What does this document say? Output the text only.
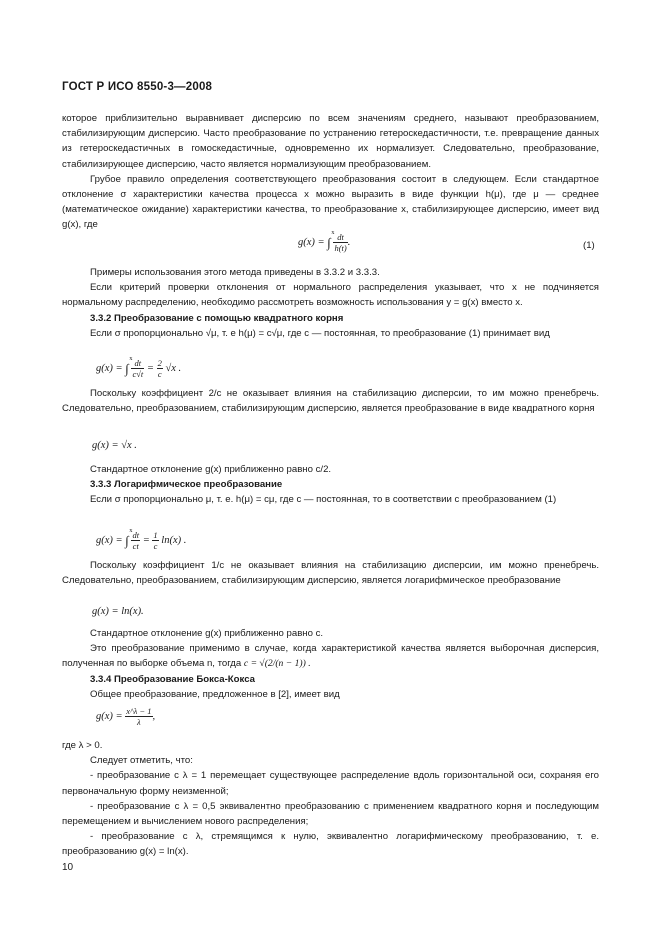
ГОСТ Р ИСО 8550-3—2008

которое приблизительно выравнивает дисперсию по всем значениям среднего, называют преобразованием, стабилизирующим дисперсию. Часто преобразование по устранению гетероскедастичности, т.е. превращение данных из гетероскедастичных в гомоскедастичные, одновременно их нормализует. Следовательно, преобразование, стабилизирующее дисперсию, часто является нормализующим преобразованием.

Грубое правило определения соответствующего преобразования состоит в следующем. Если стандартное отклонение σ характеристики качества процесса x можно выразить в виде функции h(μ), где μ — среднее (математическое ожидание) характеристики качества, то преобразование x, стабилизирующее дисперсию, имеет вид g(x), где

g(x) = ∫
x

$\frac{dt}{h(t)}$ .	(1)

Примеры использования этого метода приведены в 3.3.2 и 3.3.3.

Если критерий проверки отклонения от нормального распределения указывает, что x не подчиняется нормальному распределению, необходимо рассмотреть возможность использования y = g(x) вместо x.

3.3.2 Преобразование с помощью квадратного корня

Если σ пропорционально √μ, т. е h(μ) = c√μ, где c — постоянная, то преобразование (1) принимает вид

g(x) = ∫
x

$\frac{dt}{c√t} = \frac{2}{c} √x$ .

Поскольку коэффициент 2/c не оказывает влияния на стабилизацию дисперсии, то им можно пренебречь. Следовательно, преобразованием, стабилизирующим дисперсию, является преобразование в виде квадратного корня

g(x) = √x .

Стандартное отклонение g(x) приближенно равно c/2.

3.3.3 Логарифмическое преобразование

Если σ пропорционально μ, т. е. h(μ) = cμ, где c — постоянная, то в соответствии с преобразованием (1)

g(x) = ∫
x

$\frac{dt}{ct} = \frac{1}{c} \ln(x)$ .

Поскольку коэффициент 1/c не оказывает влияния на стабилизацию дисперсии, им можно пренебречь. Следовательно, преобразованием, стабилизирующим дисперсию, является логарифмическое преобразование

g(x) = ln(x).

Стандартное отклонение g(x) приближенно равно c.

Это преобразование применимо в случае, когда характеристикой качества является выборочная дисперсия, полученная по выборке объема n, тогда c = √(2/(n − 1)) .

3.3.4 Преобразование Бокса-Кокса

Общее преобразование, предложенное в [2], имеет вид

$g(x) = \frac{x\^{}\lambda - 1}{\lambda}$ ,

где λ > 0.

Следует отметить, что:

- преобразование с λ = 1 перемещает существующее распределение вдоль горизонтальной оси, сохраняя его первоначальную форму неизменной;

- преобразование с λ = 0,5 эквивалентно преобразованию с применением квадратного корня и последующим перемещением и вычислением нового распределения;

- преобразование с λ, стремящимся к нулю, эквивалентно логарифмическому преобразованию, т. е. преобразованию g(x) = ln(x).

10
